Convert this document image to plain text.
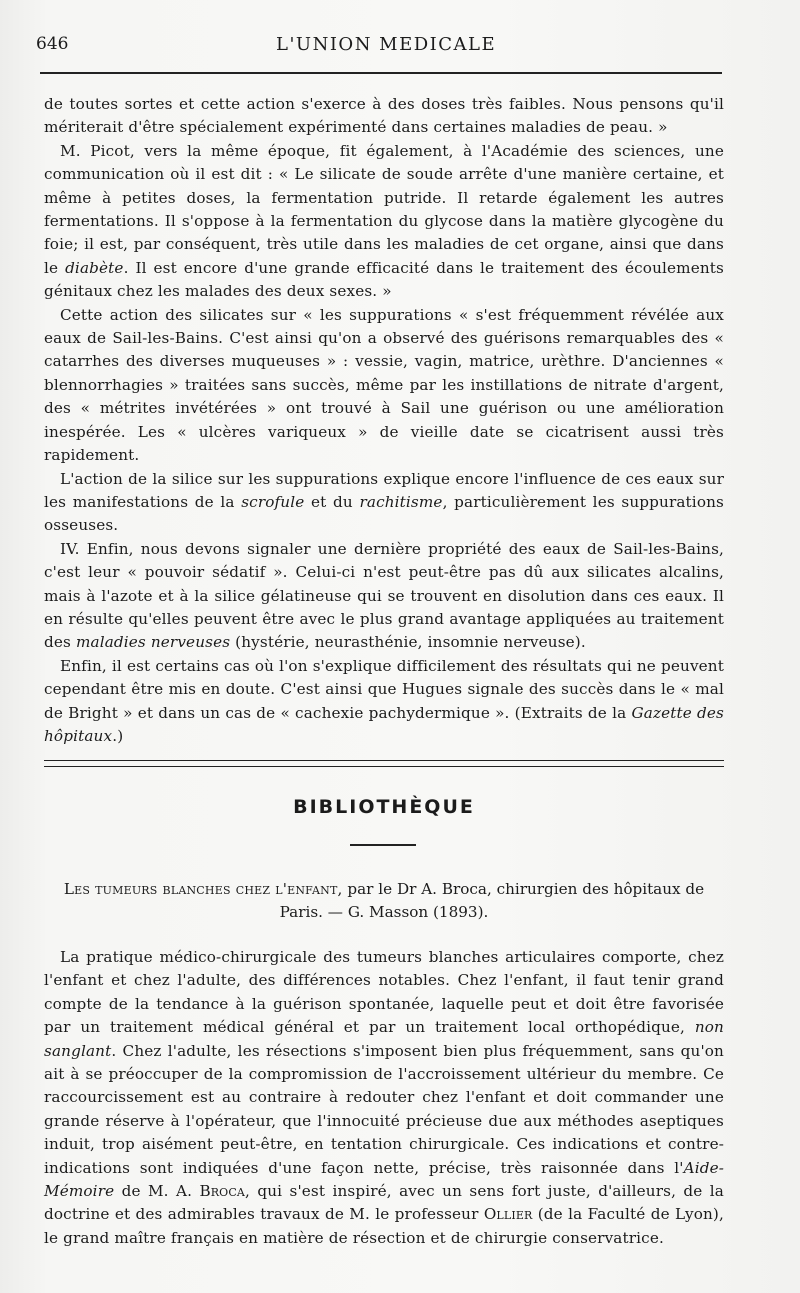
646	L'UNION MEDICALE

de toutes sortes et cette action s'exerce à des doses très faibles. Nous pensons qu'il mériterait d'être spécialement expérimenté dans certaines maladies de peau. »

M. Picot, vers la même époque, fit également, à l'Académie des sciences, une communication où il est dit : « Le silicate de soude arrête d'une manière certaine, et même à petites doses, la fermentation putride. Il retarde également les autres fermentations. Il s'oppose à la fermentation du glycose dans la matière glycogène du foie; il est, par conséquent, très utile dans les maladies de cet organe, ainsi que dans le diabète. Il est encore d'une grande efficacité dans le traitement des écoulements génitaux chez les malades des deux sexes. »

Cette action des silicates sur « les suppurations « s'est fréquemment révélée aux eaux de Sail-les-Bains. C'est ainsi qu'on a observé des guérisons remarquables des « catarrhes des diverses muqueuses » : vessie, vagin, matrice, urèthre. D'anciennes « blennorrhagies » traitées sans succès, même par les instillations de nitrate d'argent, des « métrites invétérées » ont trouvé à Sail une guérison ou une amélioration inespérée. Les « ulcères variqueux » de vieille date se cicatrisent aussi très rapidement.

L'action de la silice sur les suppurations explique encore l'influence de ces eaux sur les manifestations de la scrofule et du rachitisme, particulièrement les suppurations osseuses.

IV. Enfin, nous devons signaler une dernière propriété des eaux de Sail-les-Bains, c'est leur « pouvoir sédatif ». Celui-ci n'est peut-être pas dû aux silicates alcalins, mais à l'azote et à la silice gélatineuse qui se trouvent en disolution dans ces eaux. Il en résulte qu'elles peuvent être avec le plus grand avantage appliquées au traitement des maladies nerveuses (hystérie, neurasthénie, insomnie nerveuse).

Enfin, il est certains cas où l'on s'explique difficilement des résultats qui ne peuvent cependant être mis en doute. C'est ainsi que Hugues signale des succès dans le « mal de Bright » et dans un cas de « cachexie pachydermique ». (Extraits de la Gazette des hôpitaux.)

BIBLIOTHÈQUE
Les tumeurs blanches chez l'enfant, par le Dr A. Broca, chirurgien des hôpitaux de
Paris. — G. Masson (1893).

La pratique médico-chirurgicale des tumeurs blanches articulaires comporte, chez l'enfant et chez l'adulte, des différences notables. Chez l'enfant, il faut tenir grand compte de la tendance à la guérison spontanée, laquelle peut et doit être favorisée par un traitement médical général et par un traitement local orthopédique, non sanglant. Chez l'adulte, les résections s'imposent bien plus fréquemment, sans qu'on ait à se préoccuper de la compromission de l'accroissement ultérieur du membre. Ce raccourcissement est au contraire à redouter chez l'enfant et doit commander une grande réserve à l'opérateur, que l'innocuité précieuse due aux méthodes aseptiques induit, trop aisément peut-être, en tentation chirurgicale. Ces indications et contre-indications sont indiquées d'une façon nette, précise, très raisonnée dans l'Aide-Mémoire de M. A. Broca, qui s'est inspiré, avec un sens fort juste, d'ailleurs, de la doctrine et des admirables travaux de M. le professeur Ollier (de la Faculté de Lyon), le grand maître français en matière de résection et de chirurgie conservatrice.
